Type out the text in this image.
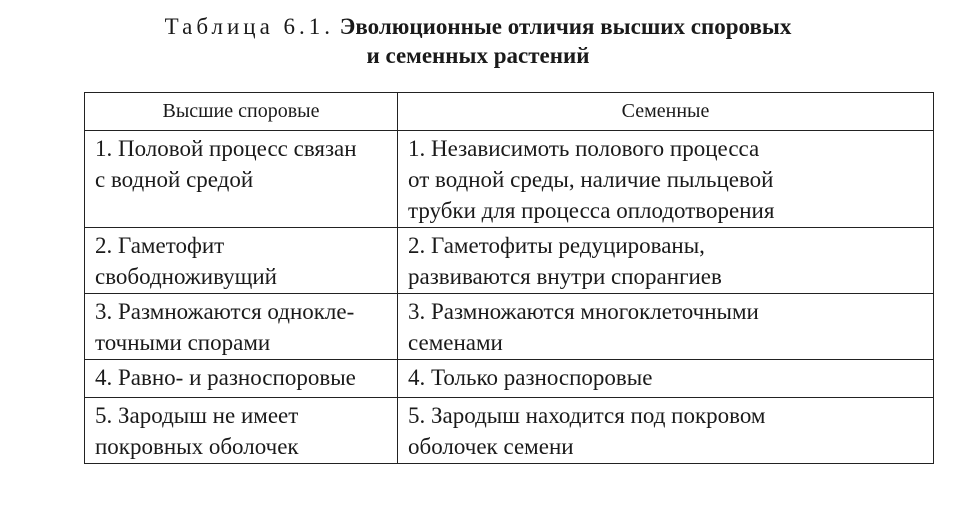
Таблица 6.1. Эволюционные отличия высших споровых
и семенных растений
Высшие споровые	Семенные

1. Половой процесс связан
с водной средой	1. Независимоть полового процесса
от водной среды, наличие пыльцевой
трубки для процесса оплодотворения

2. Гаметофит
свободноживущий	2. Гаметофиты редуцированы,
развиваются внутри спорангиев

3. Размножаются однокле-
точными спорами	3. Размножаются многоклеточными
семенами

4. Равно- и разноспоровые	4. Только разноспоровые

5. Зародыш не имеет
покровных оболочек	5. Зародыш находится под покровом
оболочек семени
